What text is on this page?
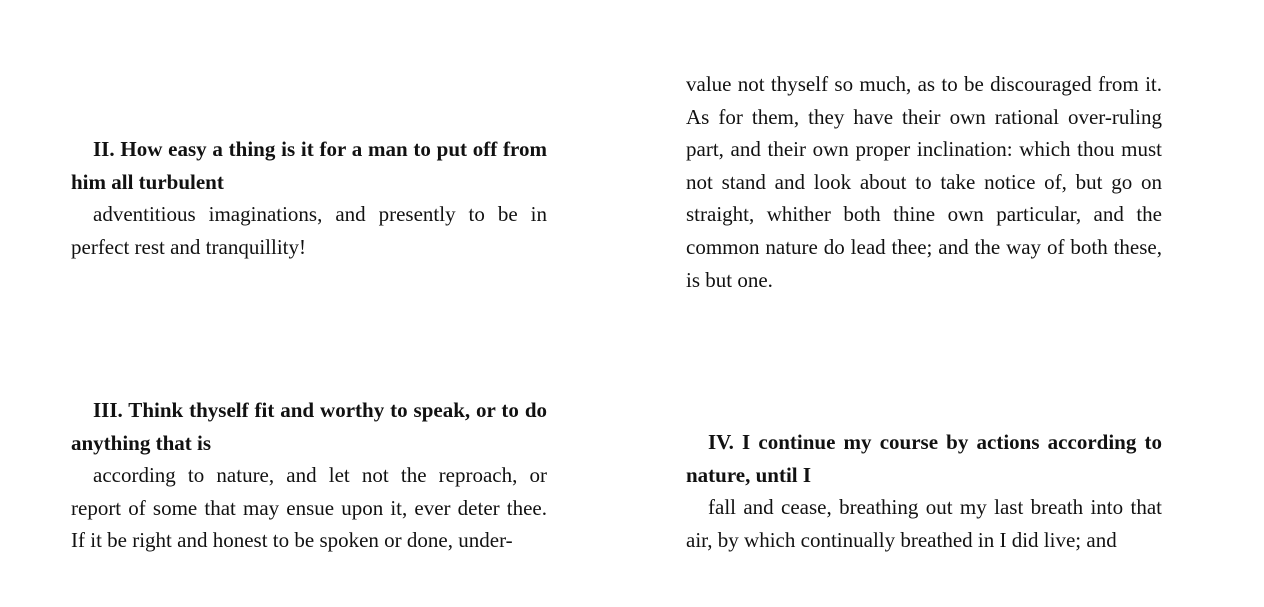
II. How easy a thing is it for a man to put off from him all turbulent

adventitious imaginations, and presently to be in perfect rest and tranquillity!

III. Think thyself fit and worthy to speak, or to do anything that is

according to nature, and let not the reproach, or report of some that may ensue upon it, ever deter thee. If it be right and honest to be spoken or done, under-

value not thyself so much, as to be discouraged from it. As for them, they have their own rational over-ruling part, and their own proper inclination: which thou must not stand and look about to take notice of, but go on straight, whither both thine own particular, and the common nature do lead thee; and the way of both these, is but one.

IV. I continue my course by actions according to nature, until I

fall and cease, breathing out my last breath into that air, by which continually breathed in I did live; and
